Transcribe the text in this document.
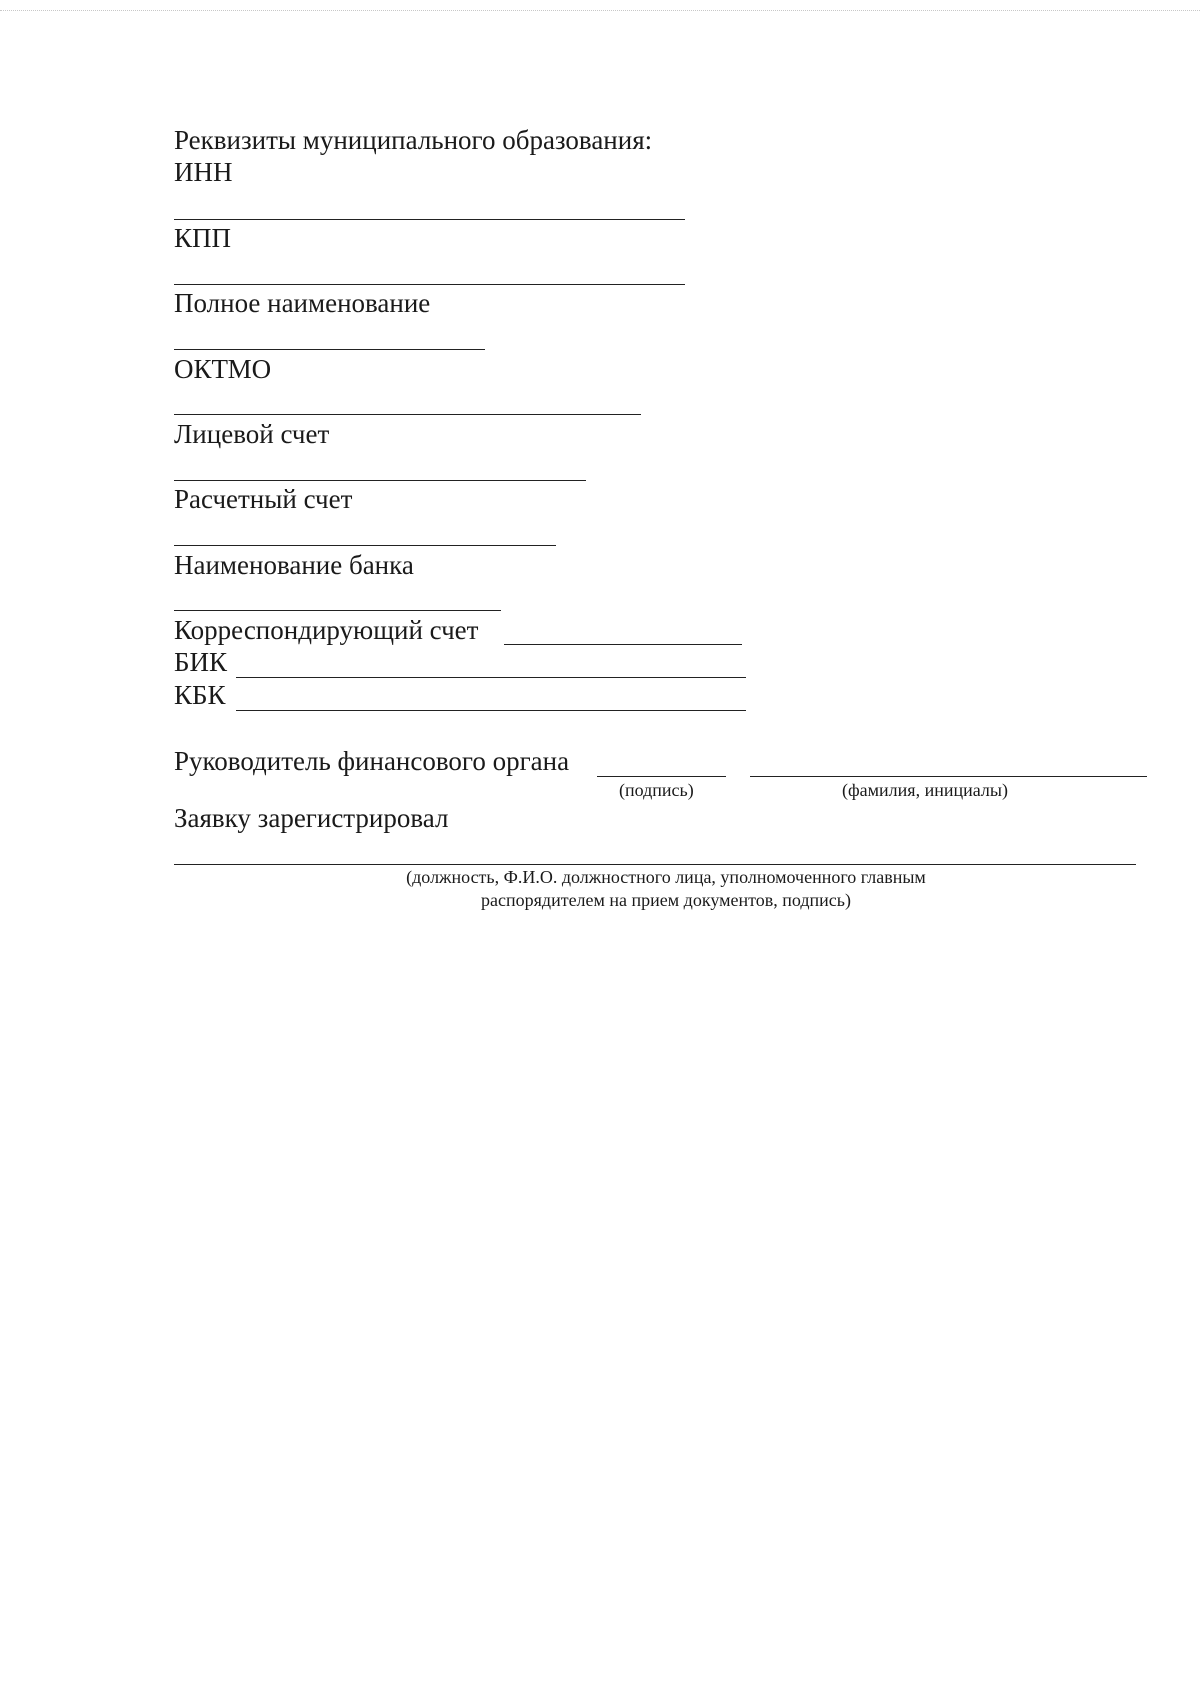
Реквизиты муниципального образования:
ИНН
КПП
Полное наименование
ОКТМО
Лицевой счет
Расчетный счет
Наименование банка
Корреспондирующий счет
БИК
КБК
Руководитель финансового органа
(подпись)	(фамилия, инициалы)
Заявку зарегистрировал
(должность, Ф.И.О. должностного лица, уполномоченного главным
распорядителем на прием документов, подпись)
